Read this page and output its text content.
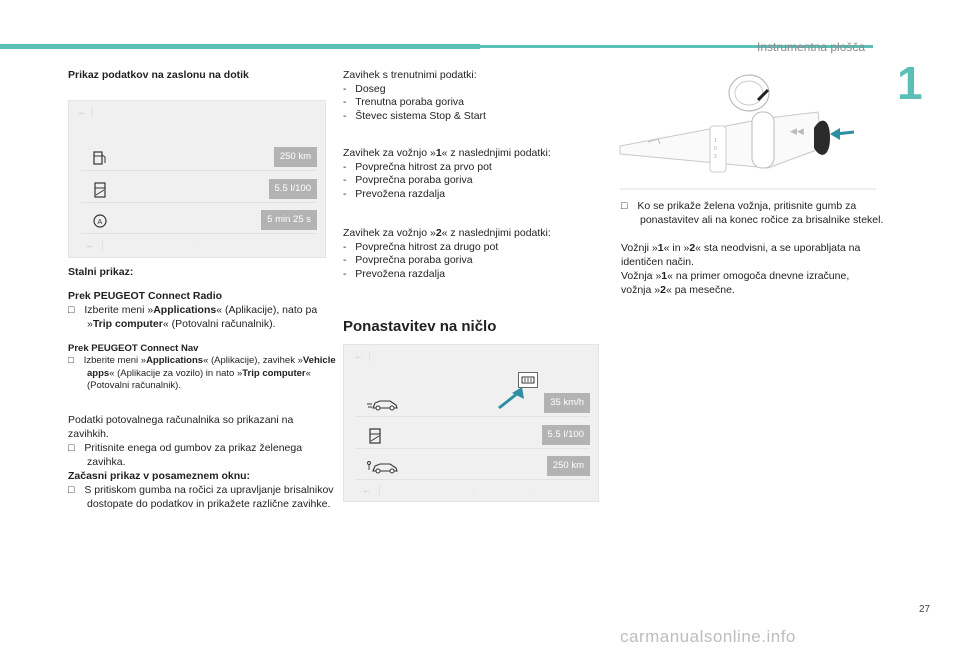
Instrumentna plošča
1
Prikaz podatkov na zaslonu na dotik
← |
250 km
5.5 l/100
A	5 min 25 s
← |	·	·
Stalni prikaz:
Prek PEUGEOT Connect Radio
□ Izberite meni »Applications« (Aplikacije), nato pa »Trip computer« (Potovalni računalnik).
Prek PEUGEOT Connect Nav
□ Izberite meni »Applications« (Aplikacije), zavihek »Vehicle apps« (Aplikacije za vozilo) in nato »Trip computer« (Potovalni računalnik).
Podatki potovalnega računalnika so prikazani na zavihkih.
□ Pritisnite enega od gumbov za prikaz želenega zavihka.
Začasni prikaz v posameznem oknu:
□ S pritiskom gumba na ročici za upravljanje brisalnikov dostopate do podatkov in prikažete različne zavihke.
Zavihek s trenutnimi podatki:
-   Doseg
-   Trenutna poraba goriva
-   Števec sistema Stop & Start
Zavihek za vožnjo »1« z naslednjimi podatki:
-   Povprečna hitrost za prvo pot
-   Povprečna poraba goriva
-   Prevožena razdalja
Zavihek za vožnjo »2« z naslednjimi podatki:
-   Povprečna hitrost za drugo pot
-   Povprečna poraba goriva
-   Prevožena razdalja
Ponastavitev na ničlo
← |
35 km/h
5.5 l/100
250 km
← |	·	·
1
0
2
◀◀
□ Ko se prikaže želena vožnja, pritisnite gumb za ponastavitev ali na konec ročice za brisalnike stekel.
Vožnji »1« in »2« sta neodvisni, a se uporabljata na identičen način.
Vožnja »1« na primer omogoča dnevne izračune, vožnja »2« pa mesečne.
27
carmanualsonline.info
